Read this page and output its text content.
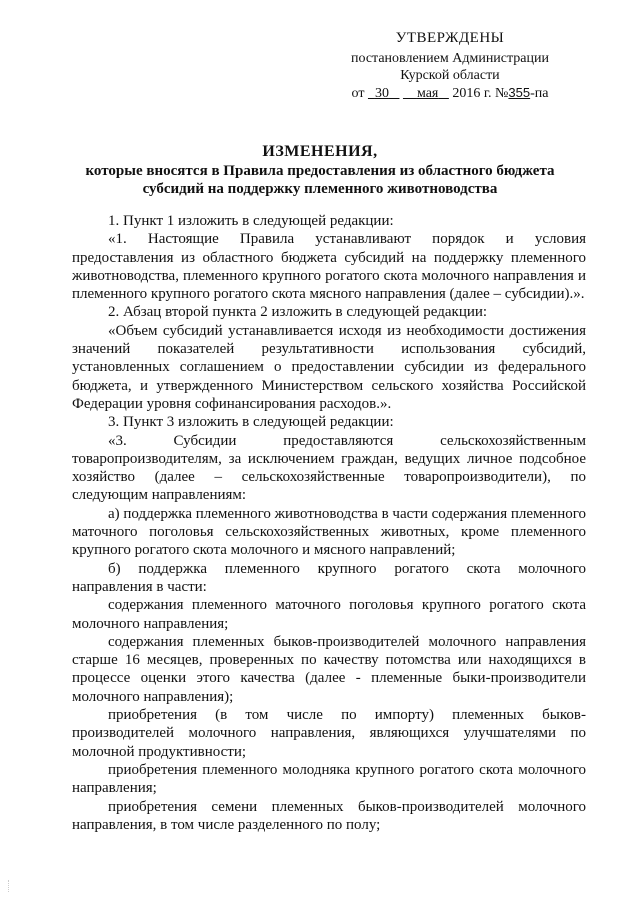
УТВЕРЖДЕНЫ
постановлением Администрации
Курской области
от 30 мая 2016 г. №355-па
ИЗМЕНЕНИЯ,
которые вносятся в Правила предоставления из областного бюджета субсидий на поддержку племенного животноводства

1. Пункт 1 изложить в следующей редакции:

«1. Настоящие Правила устанавливают порядок и условия предоставления из областного бюджета субсидий на поддержку племенного животноводства, племенного крупного рогатого скота молочного направления и племенного крупного рогатого скота мясного направления (далее – субсидии).».

2. Абзац второй пункта 2 изложить в следующей редакции:

«Объем субсидий устанавливается исходя из необходимости достижения значений показателей результативности использования субсидий, установленных соглашением о предоставлении субсидии из федерального бюджета, и утвержденного Министерством сельского хозяйства Российской Федерации уровня софинансирования расходов.».

3. Пункт 3 изложить в следующей редакции:

«3. Субсидии предоставляются сельскохозяйственным товаропроизводителям, за исключением граждан, ведущих личное подсобное хозяйство (далее – сельскохозяйственные товаропроизводители), по следующим направлениям:

а) поддержка племенного животноводства в части содержания племенного маточного поголовья сельскохозяйственных животных, кроме племенного крупного рогатого скота молочного и мясного направлений;

б) поддержка племенного крупного рогатого скота молочного направления в части:

содержания племенного маточного поголовья крупного рогатого скота молочного направления;

содержания племенных быков-производителей молочного направления старше 16 месяцев, проверенных по качеству потомства или находящихся в процессе оценки этого качества (далее - племенные быки-производители молочного направления);

приобретения (в том числе по импорту) племенных быков-производителей молочного направления, являющихся улучшателями по молочной продуктивности;

приобретения племенного молодняка крупного рогатого скота молочного направления;

приобретения семени племенных быков-производителей молочного направления, в том числе разделенного по полу;
